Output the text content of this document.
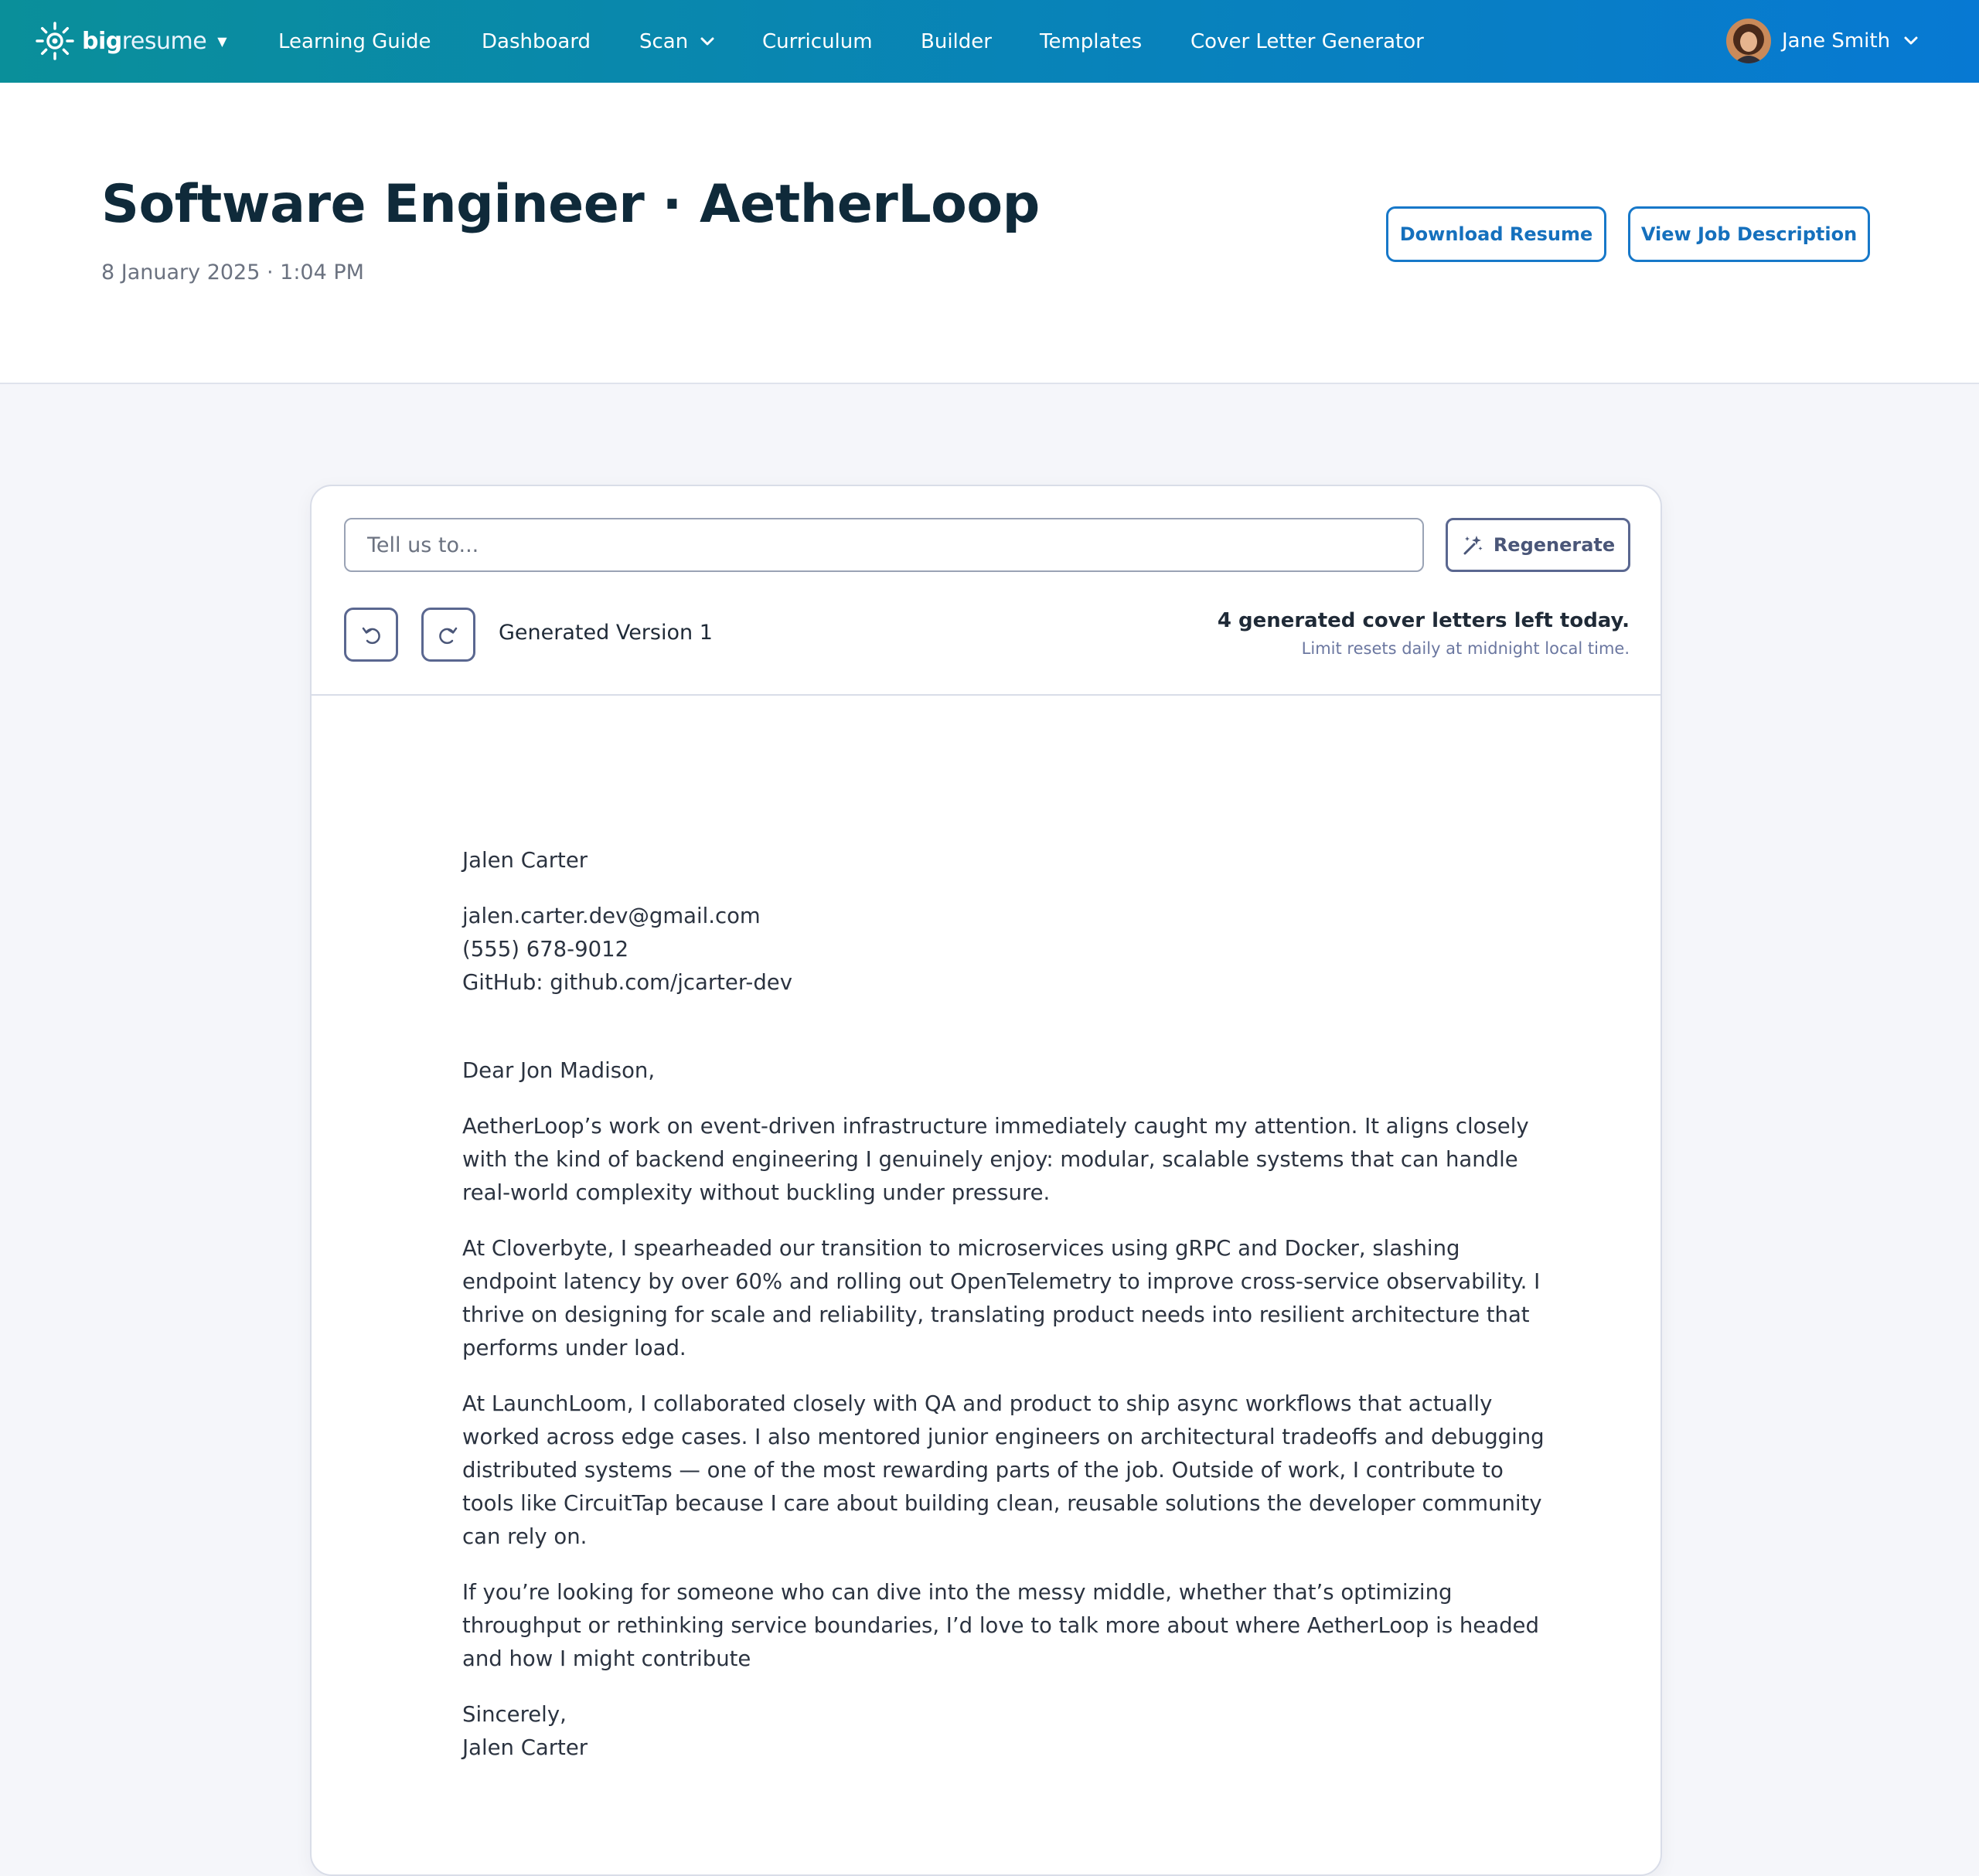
big resume ▼	Learning Guide	Dashboard Scan	Curriculum Builder Templates Cover Letter Generator	Jane Smith
Software Engineer · AetherLoop
8 January 2025 · 1:04 PM
Download Resume	View Job Description
Tell us to...
Regenerate
Generated Version 1	4 generated cover letters left today.
Limit resets daily at midnight local time.

Jalen Carter

jalen.carter.dev@gmail.com

(555) 678-9012

GitHub: github.com/jcarter-dev

Dear Jon Madison,

AetherLoop’s work on event-driven infrastructure immediately caught my attention. It aligns closely with the kind of backend engineering I genuinely enjoy: modular, scalable systems that can handle real-world complexity without buckling under pressure.

At Cloverbyte, I spearheaded our transition to microservices using gRPC and Docker, slashing endpoint latency by over 60% and rolling out OpenTelemetry to improve cross-service observability. I thrive on designing for scale and reliability, translating product needs into resilient architecture that performs under load.

At LaunchLoom, I collaborated closely with QA and product to ship async workflows that actually worked across edge cases. I also mentored junior engineers on architectural tradeoffs and debugging distributed systems — one of the most rewarding parts of the job. Outside of work, I contribute to tools like CircuitTap because I care about building clean, reusable solutions the developer community can rely on.

If you’re looking for someone who can dive into the messy middle, whether that’s optimizing throughput or rethinking service boundaries, I’d love to talk more about where AetherLoop is headed and how I might contribute

Sincerely,

Jalen Carter
